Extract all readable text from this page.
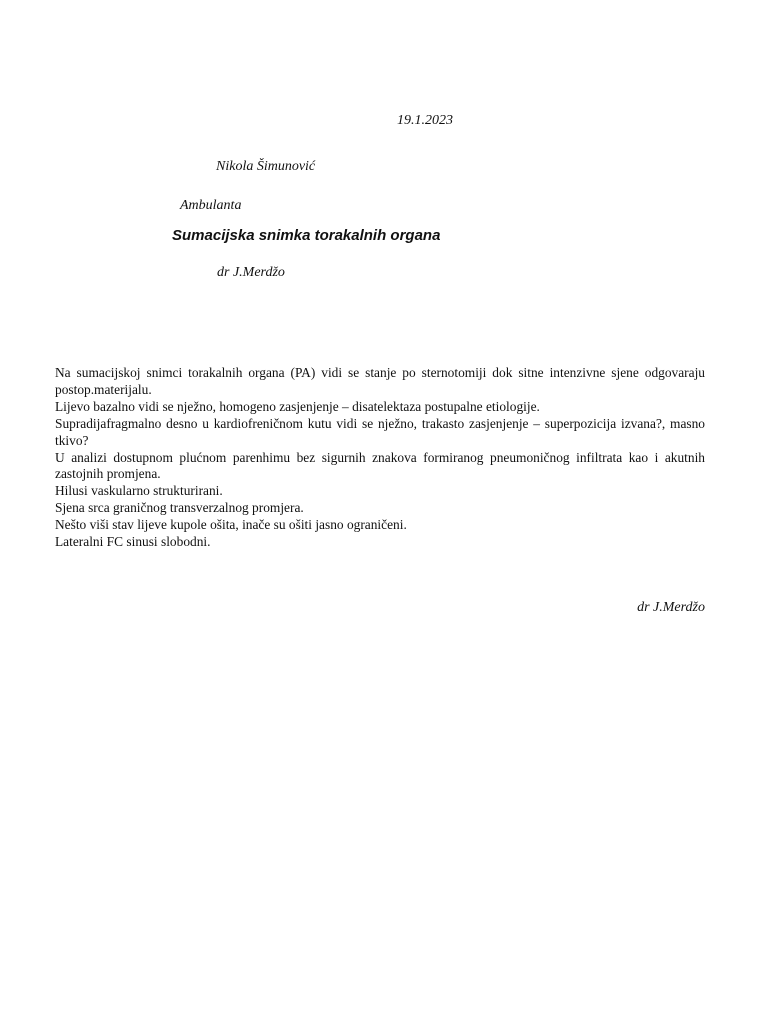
19.1.2023
Nikola Šimunović
Ambulanta
Sumacijska snimka torakalnih organa
dr J.Merdžo
Na sumacijskoj snimci torakalnih organa (PA) vidi se stanje po sternotomiji dok sitne intenzivne sjene odgovaraju postop.materijalu.
Lijevo bazalno vidi se nježno, homogeno zasjenjenje – disatelektaza postupalne etiologije.
Supradijafragmalno desno u kardiofreničnom kutu vidi se nježno, trakasto zasjenjenje – superpozicija izvana?, masno tkivo?
U analizi dostupnom plućnom parenhimu bez sigurnih znakova formiranog pneumoničnog infiltrata kao i akutnih zastojnih promjena.
Hilusi vaskularno strukturirani.
Sjena srca graničnog transverzalnog promjera.
Nešto viši stav lijeve kupole ošita, inače su ošiti jasno ograničeni.
Lateralni FC sinusi slobodni.
dr J.Merdžo
